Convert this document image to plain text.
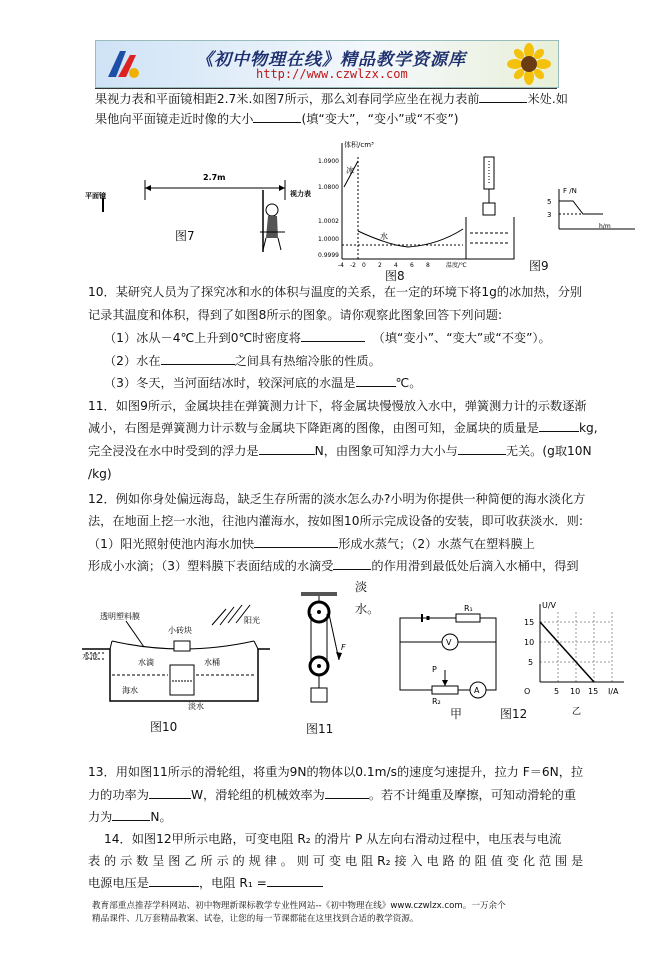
《初中物理在线》精品教学资源库
http://www.czwlzx.com
果视力表和平面镜相距2.7米.如图7所示，那么刘春同学应坐在视力表前	米处.如
果他向平面镜走近时像的大小	(填“变大”，“变小”或“不变”)
2.7m
平面镜	视力表
图7
体积/cm³
1.0900
1.0800
1.0002
1.0000
0.9999
冰
水
-4 -2 0 2 4 6 8	温度/℃
图8
F /N
5
3
h/m
图9
10．某研究人员为了探究冰和水的体积与温度的关系，在一定的环境下将1g的冰加热，分别
记录其温度和体积，得到了如图8所示的图象。请你观察此图象回答下列问题:
（1）冰从－4℃上升到0℃时密度将	（填“变小”、“变大”或“不变”）。
（2）水在	之间具有热缩冷胀的性质。
（3）冬天，当河面结冰时，较深河底的水温是	℃。
11．如图9所示，金属块挂在弹簧测力计下，将金属块慢慢放入水中，弹簧测力计的示数逐渐
减小，右图是弹簧测力计示数与金属块下降距离的图像，由图可知，金属块的质量是	kg,
完全浸没在水中时受到的浮力是	N，由图象可知浮力大小与	无关。(g取10N
/kg)
12．例如你身处偏远海岛，缺乏生存所需的淡水怎么办?小明为你提供一种简便的海水淡化方
法，在地面上挖一水池，往池内灌海水，按如图10所示完成设备的安装，即可收获淡水．则:
（1）阳光照射使池内海水加快	形成水蒸气；（2）水蒸气在塑料膜上
形成小水滴；（3）塑料膜下表面结成的水滴受	的作用滑到最低处后滴入水桶中，得到
淡
水。
透明塑料膜
小砖块
阳光
水池
水滴	水桶
海水
淡水
图10
F
图11
R₁
V
P
A
R₂
甲	图12
U/V
15
10
5
O	5 10 15 I/A
乙
13．用如图11所示的滑轮组，将重为9N的物体以0.1m/s的速度匀速提升，拉力 F＝6N，拉
力的功率为	W，滑轮组的机械效率为	。若不计绳重及摩擦，可知动滑轮的重
力为	N。
14．如图12甲所示电路，可变电阻 R₂ 的滑片 P 从左向右滑动过程中，电压表与电流
表 的 示 数 呈 图 乙 所 示 的 规 律 。 则 可 变 电 阻 R₂ 接 入 电 路 的 阻 值 变 化 范 围 是
电源电压是	，电阻 R₁ =
教育部重点推荐学科网站、初中物理新课标教学专业性网站--《初中物理在线》www.czwlzx.com。一万余个
精品课件、几万套精品教案、试卷，让您的每一节课都能在这里找到合适的教学资源。
